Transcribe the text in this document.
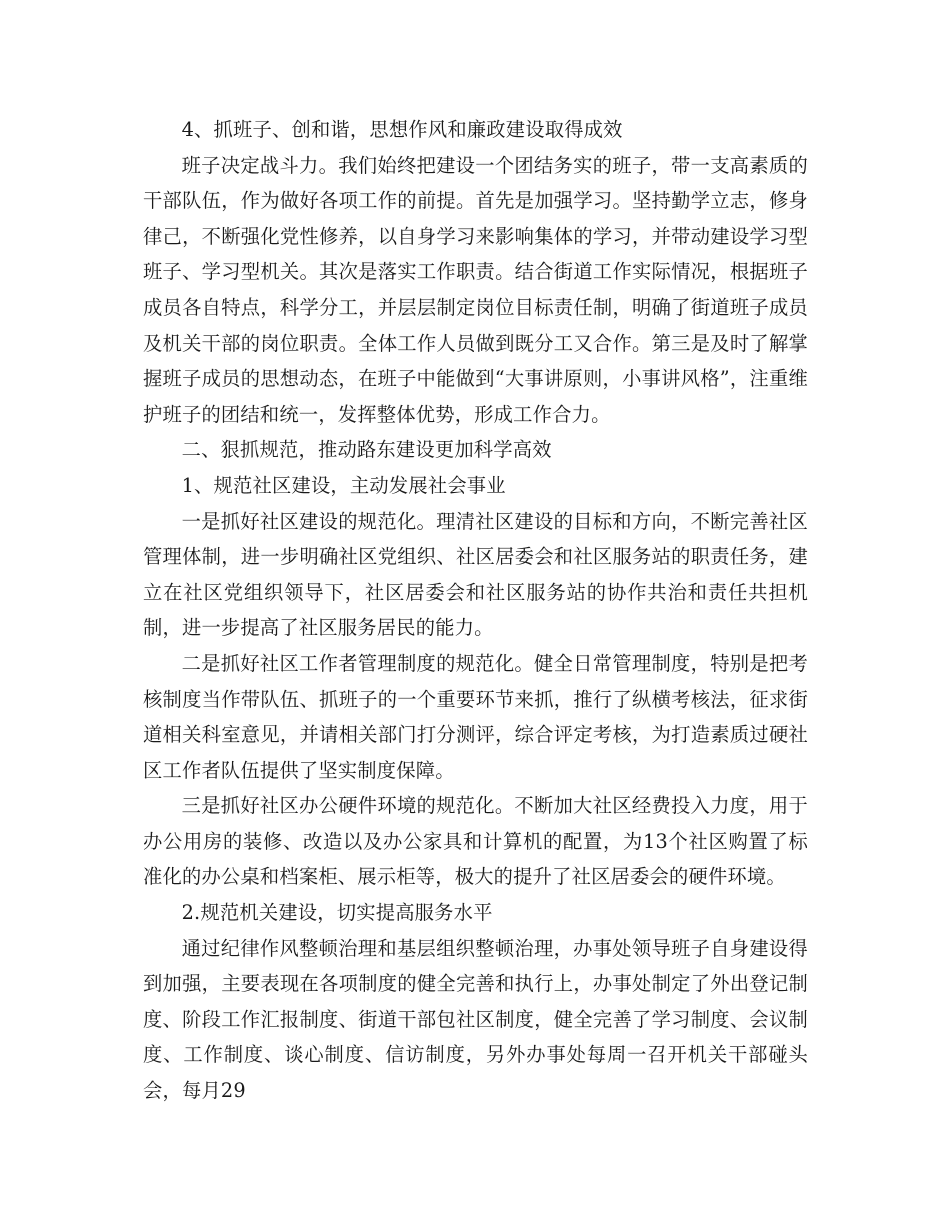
4、抓班子、创和谐，思想作风和廉政建设取得成效

班子决定战斗力。我们始终把建设一个团结务实的班子，带一支高素质的干部队伍，作为做好各项工作的前提。首先是加强学习。坚持勤学立志，修身律己，不断强化党性修养，以自身学习来影响集体的学习，并带动建设学习型班子、学习型机关。其次是落实工作职责。结合街道工作实际情况，根据班子成员各自特点，科学分工，并层层制定岗位目标责任制，明确了街道班子成员及机关干部的岗位职责。全体工作人员做到既分工又合作。第三是及时了解掌握班子成员的思想动态，在班子中能做到“大事讲原则，小事讲风格”，注重维护班子的团结和统一，发挥整体优势，形成工作合力。

二、狠抓规范，推动路东建设更加科学高效

1、规范社区建设，主动发展社会事业

一是抓好社区建设的规范化。理清社区建设的目标和方向，不断完善社区管理体制，进一步明确社区党组织、社区居委会和社区服务站的职责任务，建立在社区党组织领导下，社区居委会和社区服务站的协作共治和责任共担机制，进一步提高了社区服务居民的能力。

二是抓好社区工作者管理制度的规范化。健全日常管理制度，特别是把考核制度当作带队伍、抓班子的一个重要环节来抓，推行了纵横考核法，征求街道相关科室意见，并请相关部门打分测评，综合评定考核，为打造素质过硬社区工作者队伍提供了坚实制度保障。

三是抓好社区办公硬件环境的规范化。不断加大社区经费投入力度，用于办公用房的装修、改造以及办公家具和计算机的配置，为13个社区购置了标准化的办公桌和档案柜、展示柜等，极大的提升了社区居委会的硬件环境。

2.规范机关建设，切实提高服务水平

通过纪律作风整顿治理和基层组织整顿治理，办事处领导班子自身建设得到加强，主要表现在各项制度的健全完善和执行上，办事处制定了外出登记制度、阶段工作汇报制度、街道干部包社区制度，健全完善了学习制度、会议制度、工作制度、谈心制度、信访制度，另外办事处每周一召开机关干部碰头会，每月29
